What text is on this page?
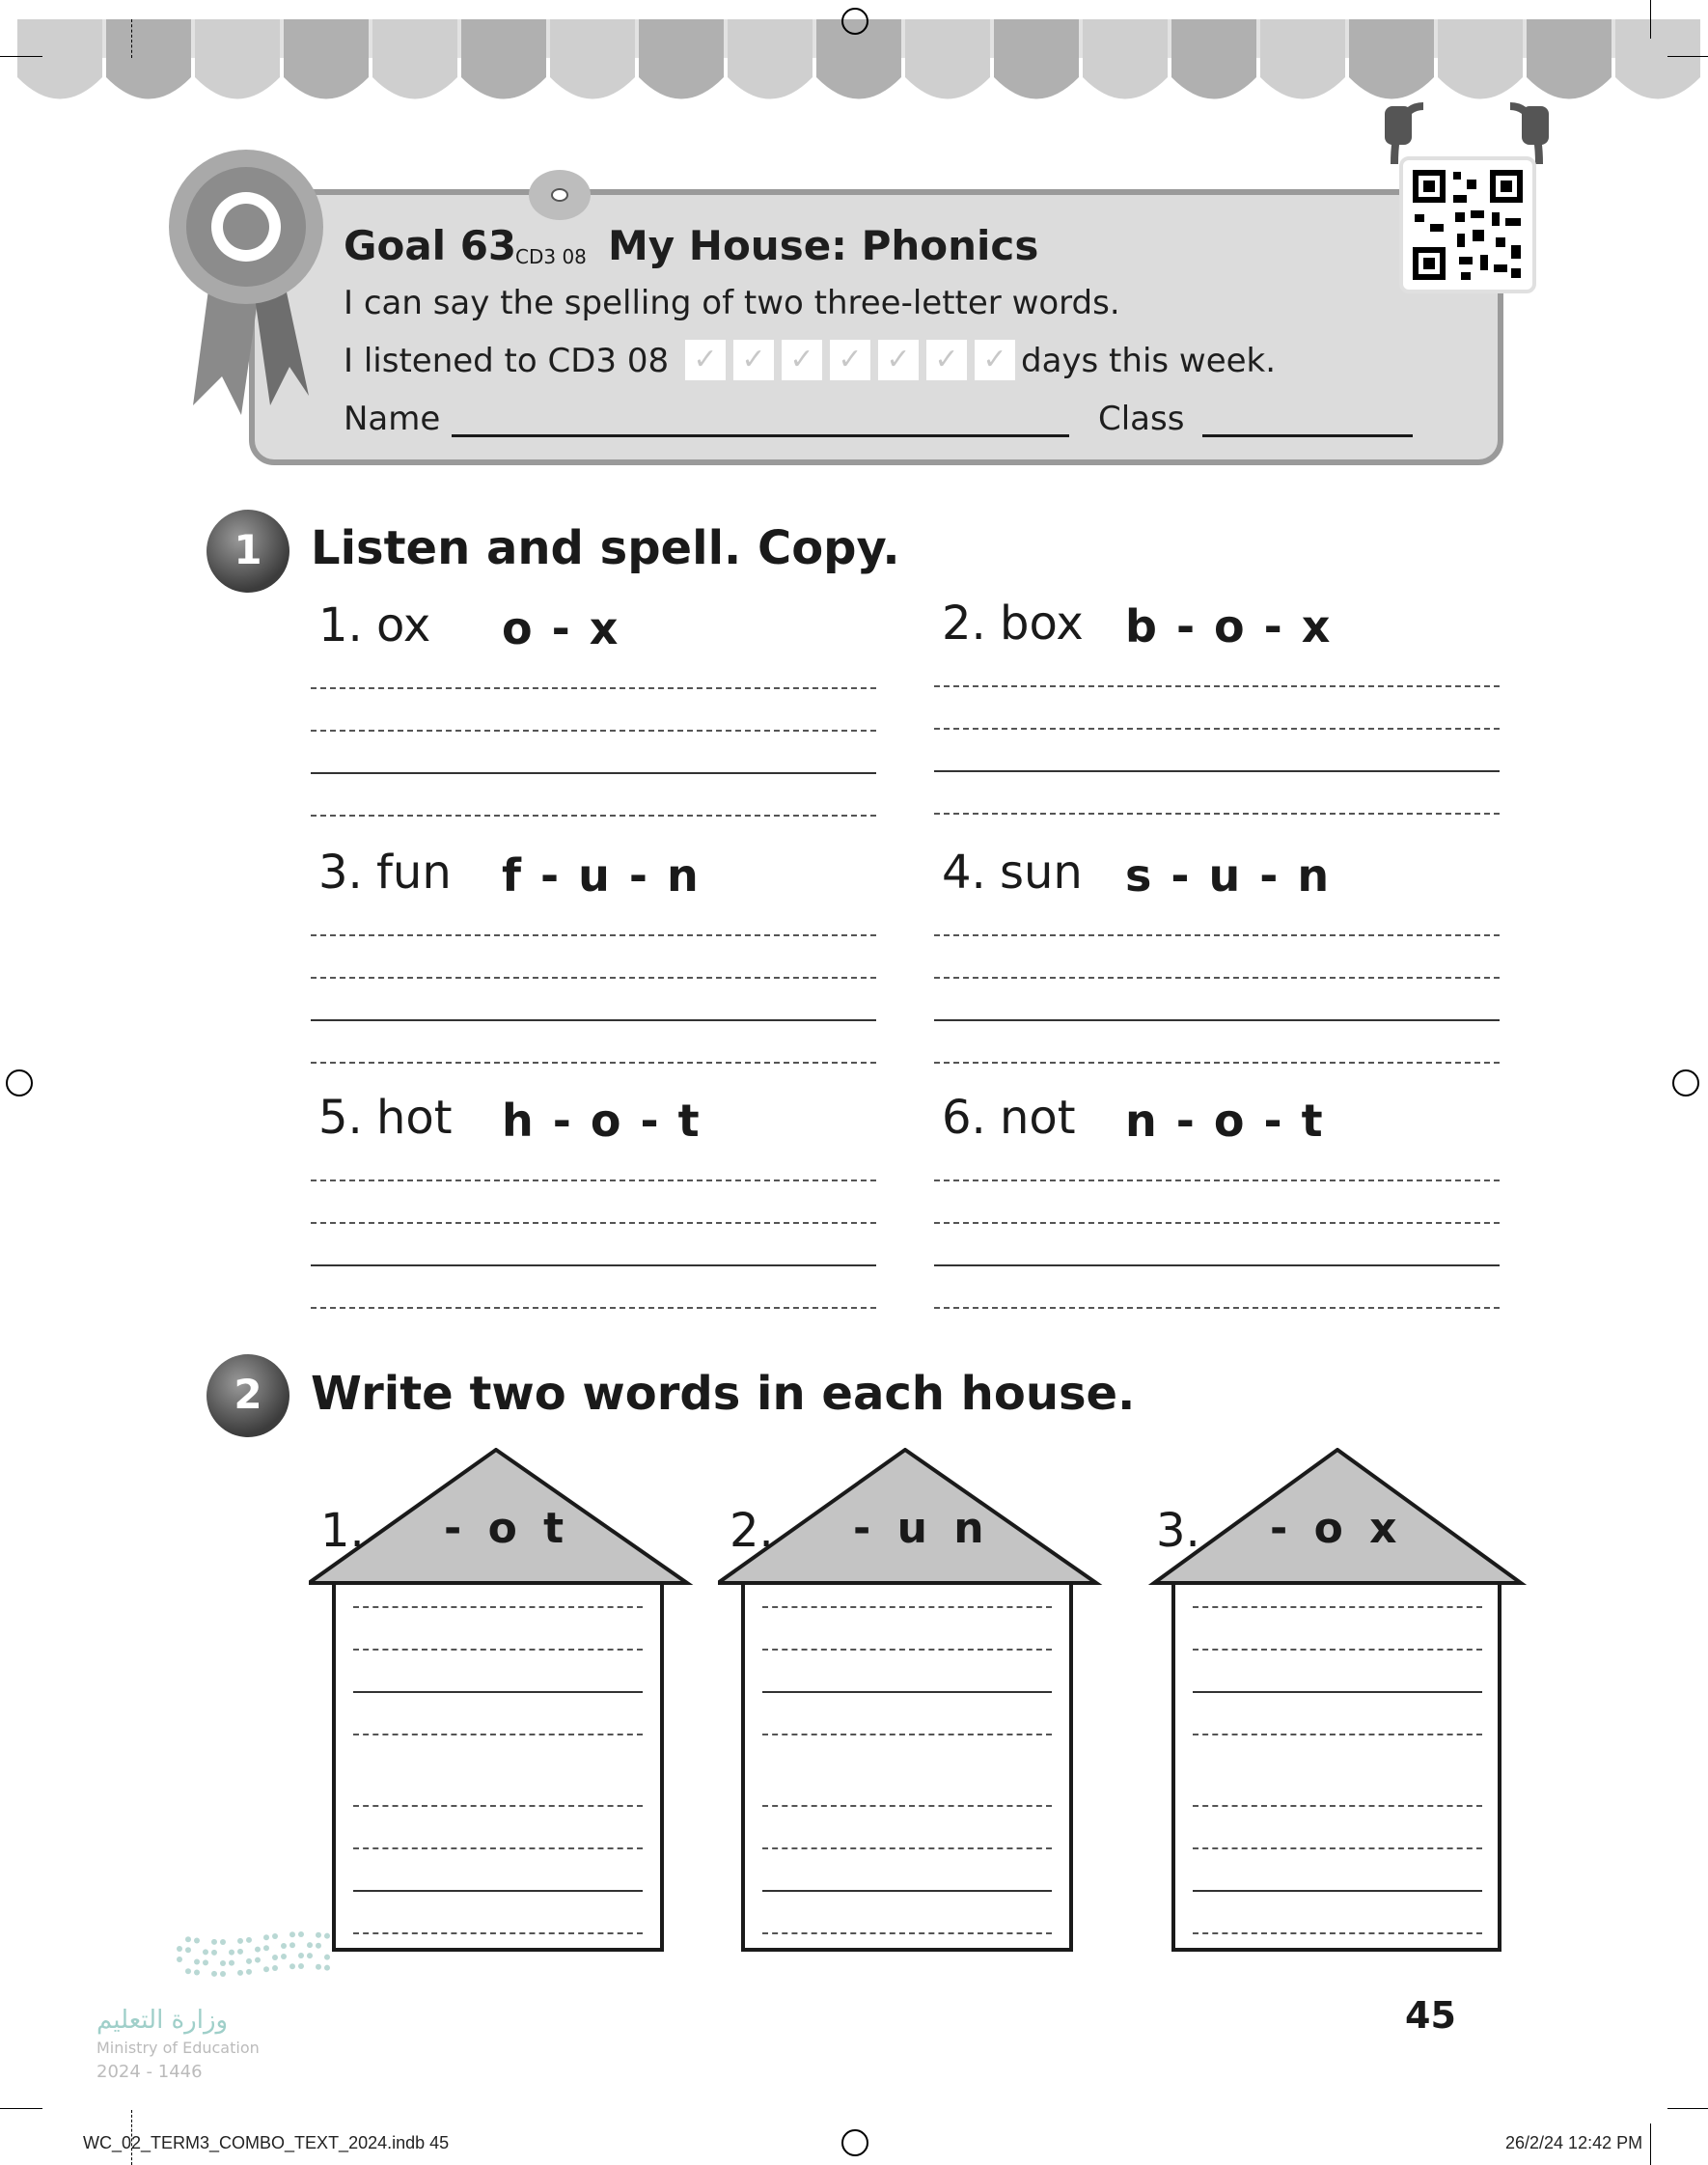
Goal 63
CD3 08 My House: Phonics
I can say the spelling of two three-letter words.
I listened to CD3 08 ✓ ✓ ✓ ✓ ✓ ✓ ✓ days this week.
Name	Class
1	Listen and spell. Copy.
1. ox o - x	2. box b - o - x
3. fun f - u - n	4. sun s - u - n
5. hot h - o - t	6. not n - o - t
2	Write two words in each house.
1. - o t	2. - u n	3. - o x
45
وزارة التعليم
Ministry of Education
2024 - 1446
WC_02_TERM3_COMBO_TEXT_2024.indb 45	26/2/24 12:42 PM
